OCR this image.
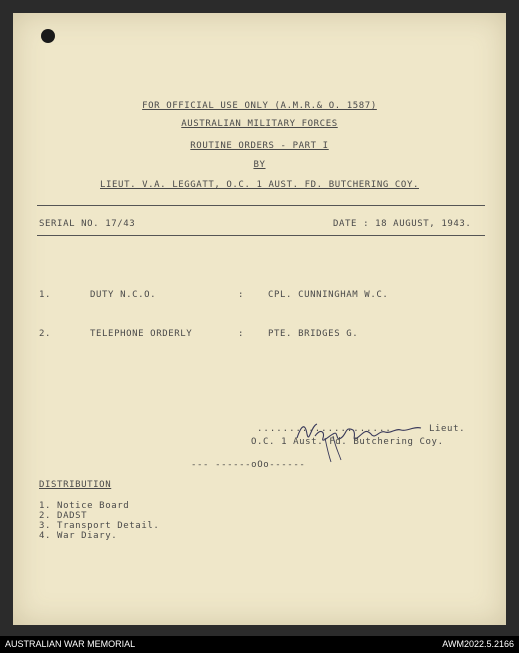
FOR OFFICIAL USE ONLY (A.M.R.& O. 1587)
AUSTRALIAN MILITARY FORCES
ROUTINE ORDERS - PART I
BY
LIEUT. V.A. LEGGATT, O.C. 1 AUST. FD. BUTCHERING COY.
SERIAL NO. 17/43	DATE : 18 AUGUST, 1943.
1.	DUTY N.C.O.	:	CPL. CUNNINGHAM W.C.
2.	TELEPHONE ORDERLY	:	PTE. BRIDGES G.
.....................	Lieut.
O.C. 1 Aust. Fd. Butchering Coy.
--- ------oOo------
DISTRIBUTION
1. Notice Board
2. DADST
3. Transport Detail.
4. War Diary.
AUSTRALIAN WAR MEMORIAL	AWM2022.5.2166
